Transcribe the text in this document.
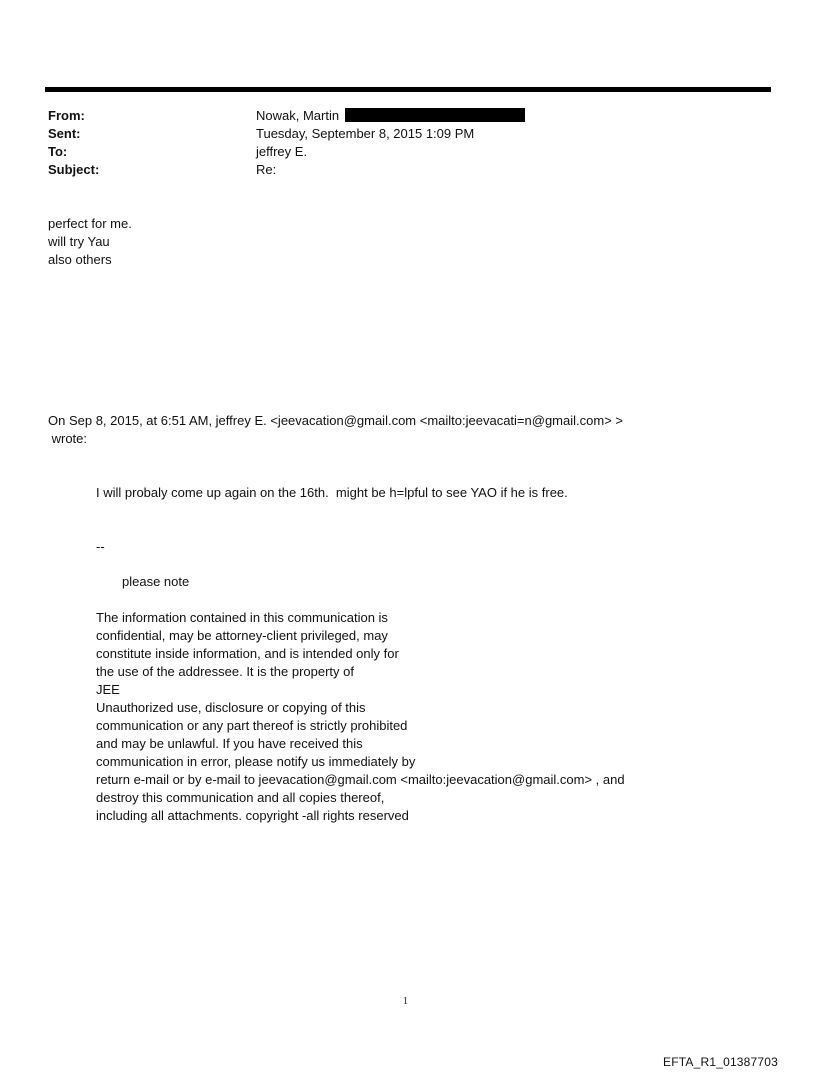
From:	Nowak, Martin
Sent:	Tuesday, September 8, 2015 1:09 PM
To:	jeffrey E.
Subject:	Re:
perfect for me.
will try Yau
also others
On Sep 8, 2015, at 6:51 AM, jeffrey E. <jeevacation@gmail.com <mailto:jeevacati=n@gmail.com> >
wrote:
I will probaly come up again on the 16th.  might be h=lpful to see YAO if he is free.
--
please note
The information contained in this communication is
confidential, may be attorney-client privileged, may
constitute inside information, and is intended only for
the use of the addressee. It is the property of
JEE
Unauthorized use, disclosure or copying of this
communication or any part thereof is strictly prohibited
and may be unlawful. If you have received this
communication in error, please notify us immediately by
return e-mail or by e-mail to jeevacation@gmail.com <mailto:jeevacation@gmail.com> , and
destroy this communication and all copies thereof,
including all attachments. copyright -all rights reserved
1
EFTA_R1_01387703
